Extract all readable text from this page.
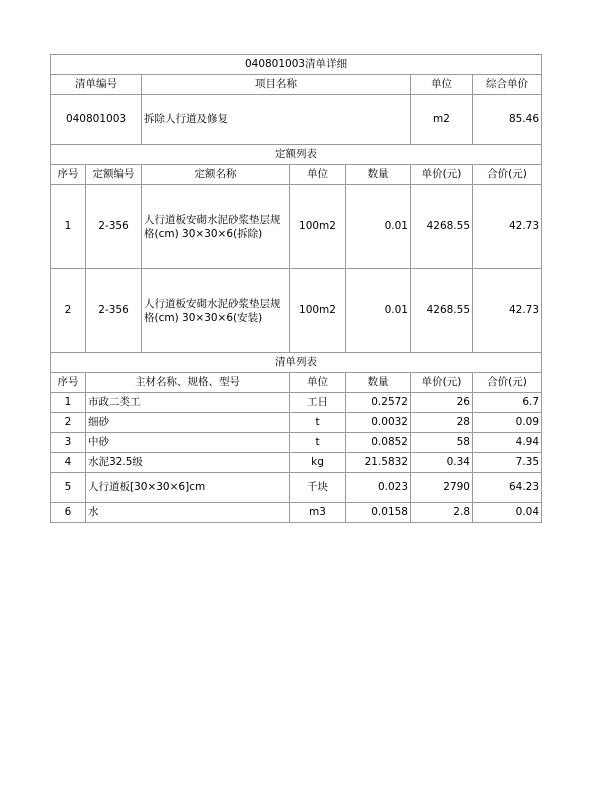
040801003清单详细						
清单编号		项目名称			单位	综合单价
040801003		拆除人行道及修复			m2	85.46
定额列表						
序号	定额编号	定额名称	单位	数量	单价(元)	合价(元)
1	2-356	人行道板安砌水泥砂浆垫层规格(cm) 30×30×6(拆除)	100m2	0.01	4268.55	42.73
2	2-356	人行道板安砌水泥砂浆垫层规格(cm) 30×30×6(安装)	100m2	0.01	4268.55	42.73
清单列表						
序号	主材名称、规格、型号		单位	数量	单价(元)	合价(元)
1	市政二类工		工日	0.2572	26	6.7
2	细砂		t	0.0032	28	0.09
3	中砂		t	0.0852	58	4.94
4	水泥32.5级		kg	21.5832	0.34	7.35
5	人行道板[30×30×6]cm		千块	0.023	2790	64.23
6	水		m3	0.0158	2.8	0.04
